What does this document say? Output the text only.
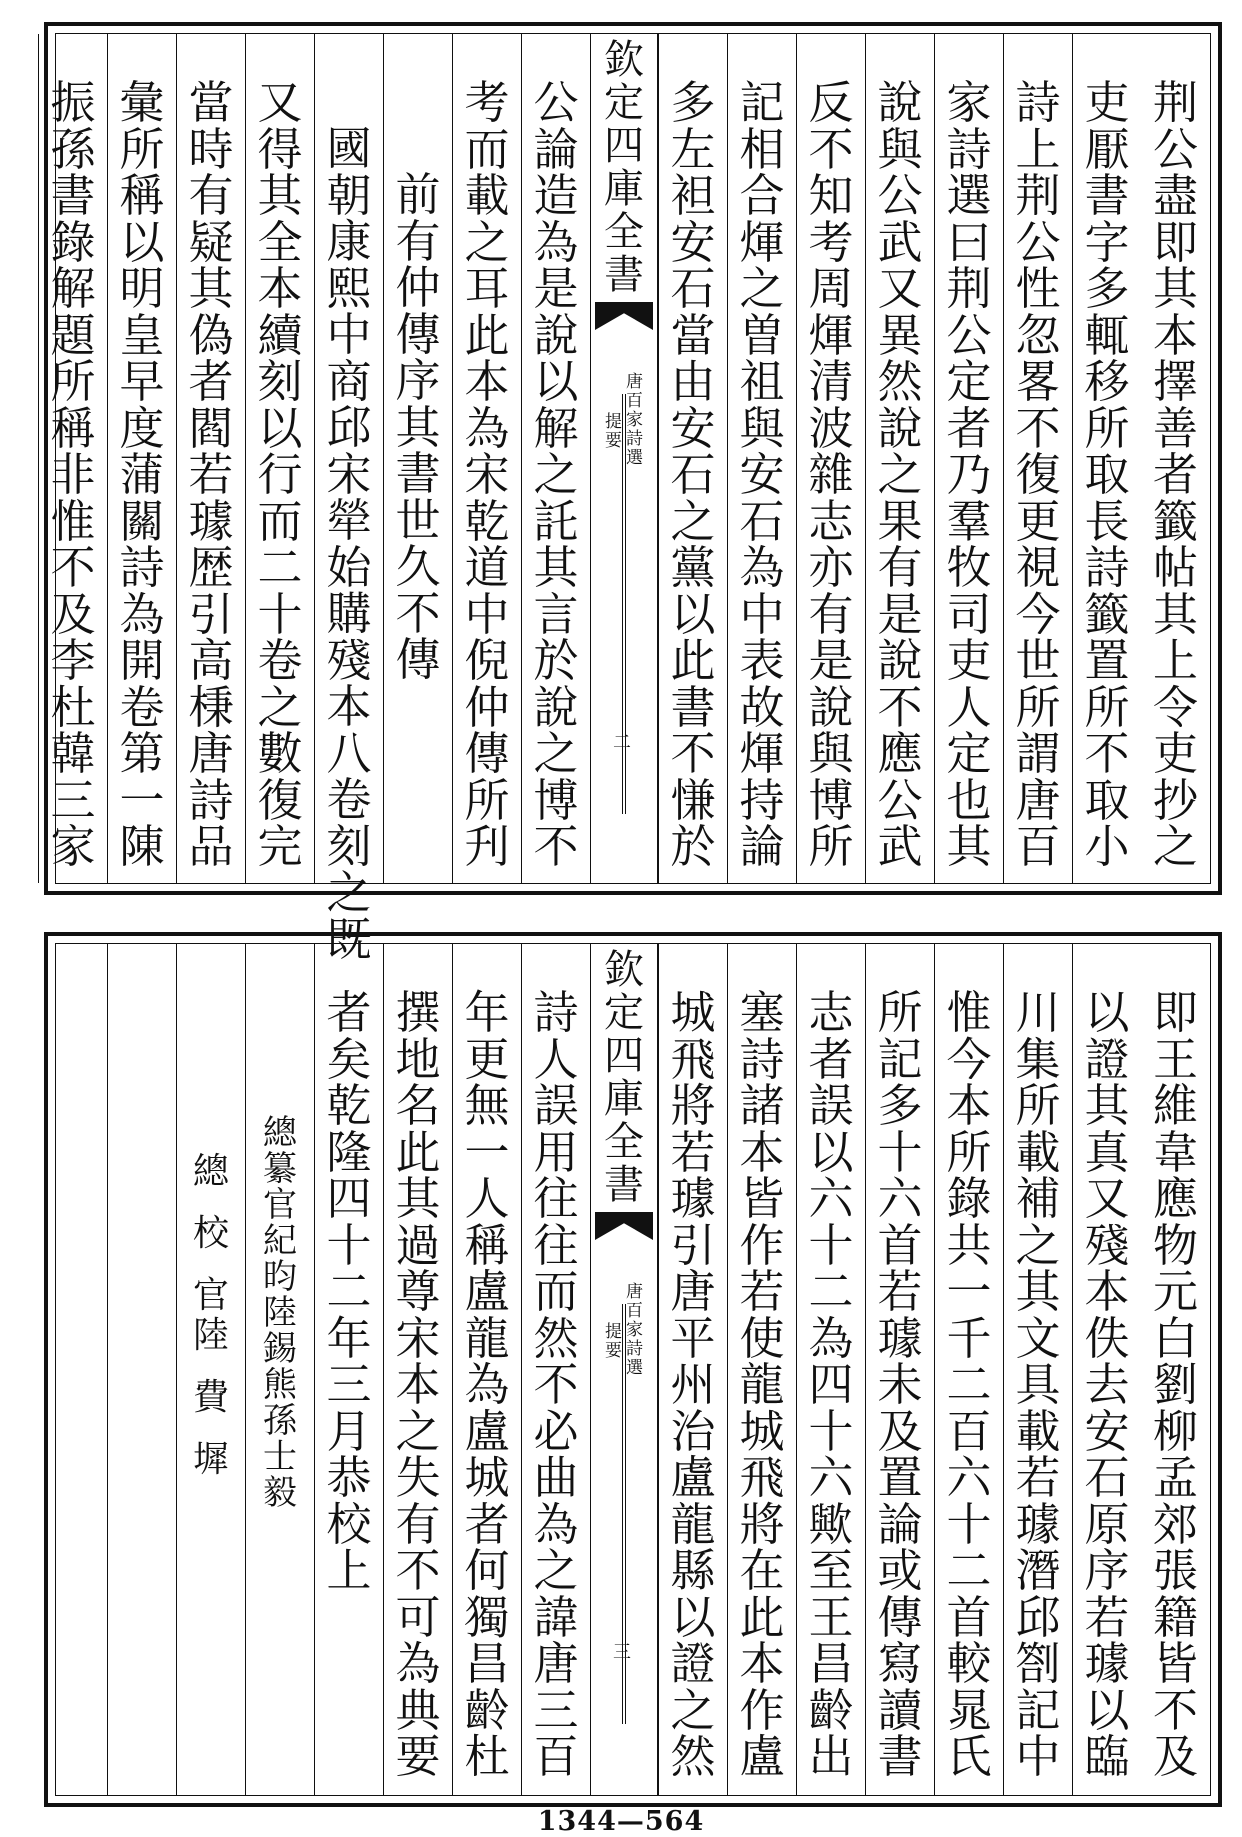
荆
公
盡
即
其
本
擇
善
者
籤
帖
其
上
令
吏
抄
之
吏
厭
書
字
多
輒
移
所
取
長
詩
籤
置
所
不
取
小
詩
上
荆
公
性
忽
畧
不
復
更
視
今
世
所
謂
唐
百
家
詩
選
曰
荆
公
定
者
乃
羣
牧
司
吏
人
定
也
其
說
與
公
武
又
異
然
說
之
果
有
是
說
不
應
公
武
反
不
知
考
周
煇
清
波
雜
志
亦
有
是
說
與
博
所
記
相
合
煇
之
曽
祖
與
安
石
為
中
表
故
煇
持
論
多
左
袒
安
石
當
由
安
石
之
黨
以
此
書
不
慊
於
欽
定
四
庫
全
書
唐
百
家
詩
選
提
要
二
公
論
造
為
是
說
以
解
之
託
其
言
於
說
之
博
不
考
而
載
之
耳
此
本
為
宋
乾
道
中
倪
仲
傳
所
刋
前
有
仲
傳
序
其
書
世
久
不
傳
國
朝
康
熙
中
商
邱
宋
犖
始
購
殘
本
八
卷
刻
之
既
又
得
其
全
本
續
刻
以
行
而
二
十
卷
之
數
復
完
當
時
有
疑
其
偽
者
閻
若
璩
歴
引
高
棅
唐
詩
品
彙
所
稱
以
明
皇
早
度
蒲
關
詩
為
開
卷
第
一
陳
振
孫
書
錄
解
題
所
稱
非
惟
不
及
李
杜
韓
三
家
即
王
維
韋
應
物
元
白
劉
柳
孟
郊
張
籍
皆
不
及
以
證
其
真
又
殘
本
佚
去
安
石
原
序
若
璩
以
臨
川
集
所
載
補
之
其
文
具
載
若
璩
潛
邱
劄
記
中
惟
今
本
所
錄
共
一
千
二
百
六
十
二
首
較
晁
氏
所
記
多
十
六
首
若
璩
未
及
置
論
或
傳
寫
讀
書
志
者
誤
以
六
十
二
為
四
十
六
歟
至
王
昌
齡
出
塞
詩
諸
本
皆
作
若
使
龍
城
飛
將
在
此
本
作
盧
城
飛
將
若
璩
引
唐
平
州
治
盧
龍
縣
以
證
之
然
欽
定
四
庫
全
書
唐
百
家
詩
選
提
要
三
詩
人
誤
用
往
往
而
然
不
必
曲
為
之
諱
唐
三
百
年
更
無
一
人
稱
盧
龍
為
盧
城
者
何
獨
昌
齡
杜
撰
地
名
此
其
過
尊
宋
本
之
失
有
不
可
為
典
要
者
矣
乾
隆
四
十
二
年
三
月
恭
校
上
總
纂
官
紀
昀
陸
錫
熊
孫
士
毅
總
校
官
陸
費
墀
1344—564
